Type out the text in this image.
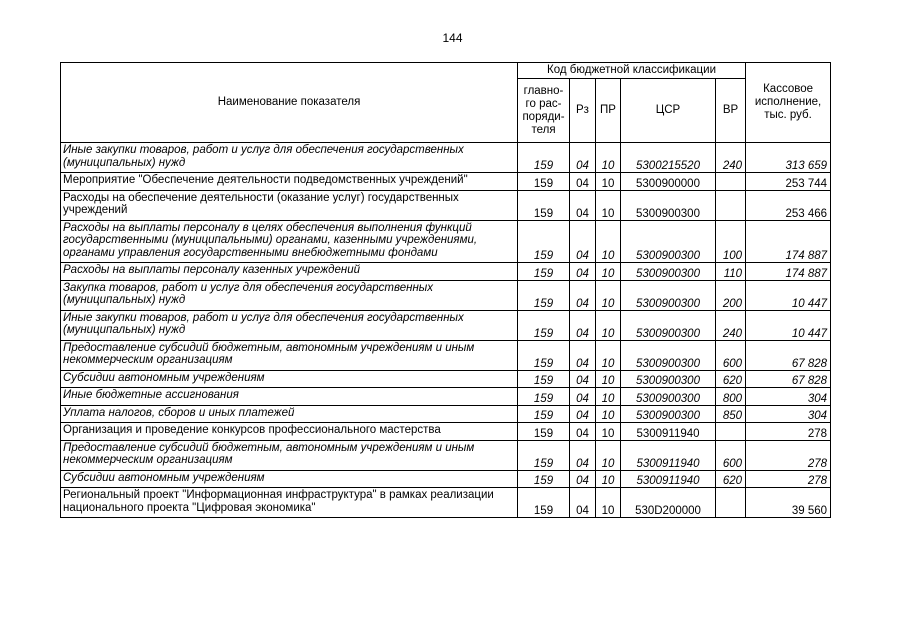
144
Наименование показателя	Код бюджетной классификации					Кассовое исполнение, тыс. руб.
	главно-го рас-поряди-теля	Рз	ПР	ЦСР	ВР	
Иные закупки товаров, работ и услуг для обеспечения государственных (муниципальных) нужд	159	04	10	5300215520	240	313 659
Мероприятие "Обеспечение деятельности подведомственных учреждений"	159	04	10	5300900000		253 744
Расходы на обеспечение деятельности (оказание услуг) государственных учреждений	159	04	10	5300900300		253 466
Расходы на выплаты персоналу в целях обеспечения выполнения функций государственными (муниципальными) органами, казенными учреждениями, органами управления государственными внебюджетными фондами	159	04	10	5300900300	100	174 887
Расходы на выплаты персоналу казенных учреждений	159	04	10	5300900300	110	174 887
Закупка товаров, работ и услуг для обеспечения государственных (муниципальных) нужд	159	04	10	5300900300	200	10 447
Иные закупки товаров, работ и услуг для обеспечения государственных (муниципальных) нужд	159	04	10	5300900300	240	10 447
Предоставление субсидий бюджетным, автономным учреждениям и иным некоммерческим организациям	159	04	10	5300900300	600	67 828
Субсидии автономным учреждениям	159	04	10	5300900300	620	67 828
Иные бюджетные ассигнования	159	04	10	5300900300	800	304
Уплата налогов, сборов и иных платежей	159	04	10	5300900300	850	304
Организация и проведение конкурсов профессионального мастерства	159	04	10	5300911940		278
Предоставление субсидий бюджетным, автономным учреждениям и иным некоммерческим организациям	159	04	10	5300911940	600	278
Субсидии автономным учреждениям	159	04	10	5300911940	620	278
Региональный проект "Информационная инфраструктура" в рамках реализации национального проекта "Цифровая экономика"	159	04	10	530D200000		39 560
